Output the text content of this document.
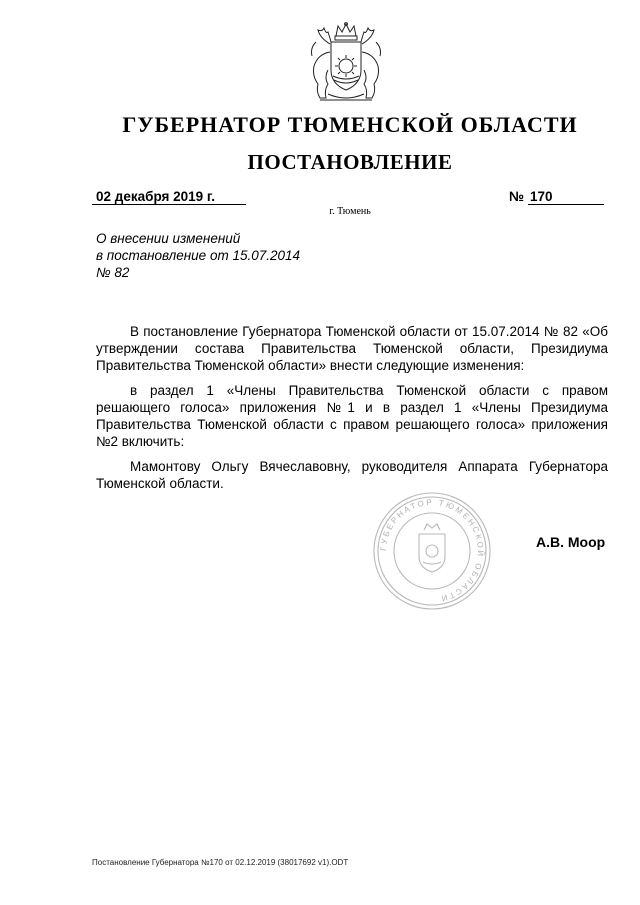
ГУБЕРНАТОР ТЮМЕНСКОЙ ОБЛАСТИ
ПОСТАНОВЛЕНИЕ
02 декабря 2019 г.	№ 170
г. Тюмень
О внесении изменений
в постановление от 15.07.2014
№ 82

В постановление Губернатора Тюменской области от 15.07.2014 № 82 «Об утверждении состава Правительства Тюменской области, Президиума Правительства Тюменской области» внести следующие изменения:

в раздел 1 «Члены Правительства Тюменской области с правом решающего голоса» приложения №1 и в раздел 1 «Члены Президиума Правительства Тюменской области с правом решающего голоса» приложения №2 включить:

Мамонтову Ольгу Вячеславовну, руководителя Аппарата Губернатора Тюменской области.

ГУБЕРНАТОР ТЮМЕНСКОЙ ОБЛАСТИ
А.В. Моор
Постановление Губернатора №170 от 02.12.2019 (38017692 v1).ODT
